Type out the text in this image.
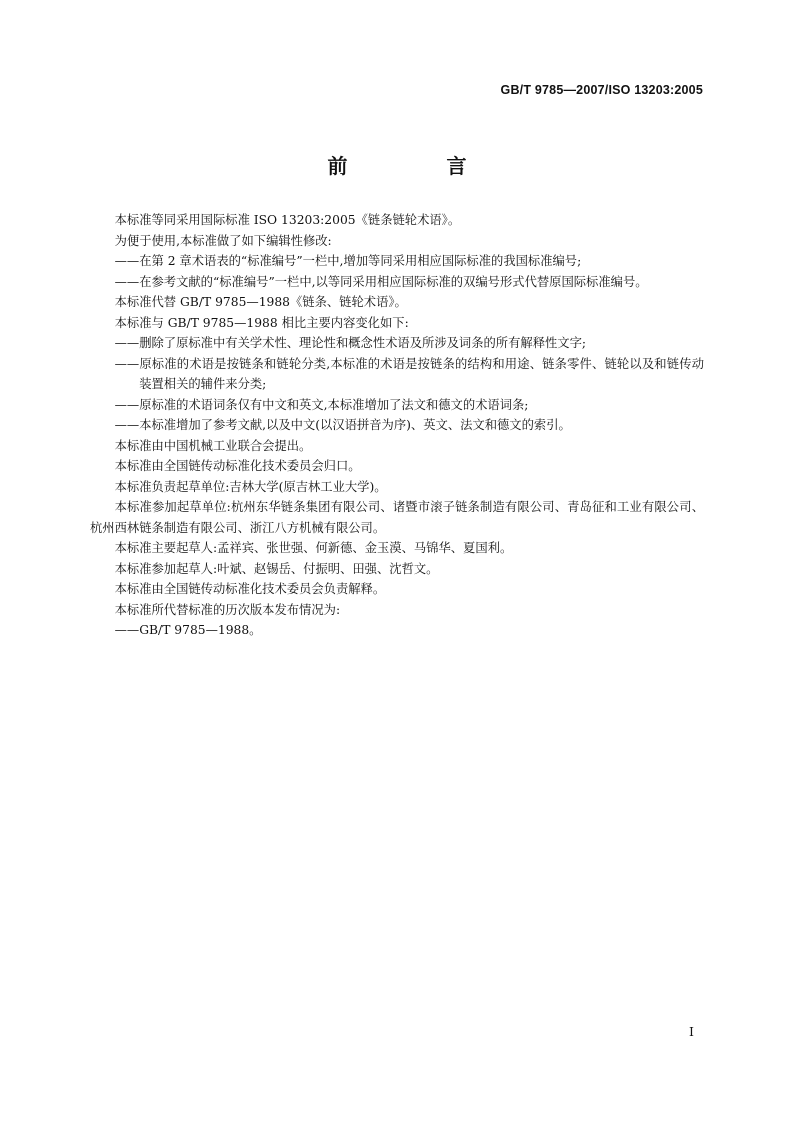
GB/T 9785—2007/ISO 13203:2005
前 言

本标准等同采用国际标准 ISO 13203:2005《链条链轮术语》。

为便于使用,本标准做了如下编辑性修改:

——在第 2 章术语表的“标准编号”一栏中,增加等同采用相应国际标准的我国标准编号;

——在参考文献的“标准编号”一栏中,以等同采用相应国际标准的双编号形式代替原国际标准编号。

本标准代替 GB/T 9785—1988《链条、链轮术语》。

本标准与 GB/T 9785—1988 相比主要内容变化如下:

——删除了原标准中有关学术性、理论性和概念性术语及所涉及词条的所有解释性文字;

——原标准的术语是按链条和链轮分类,本标准的术语是按链条的结构和用途、链条零件、链轮以及和链传动装置相关的辅件来分类;

——原标准的术语词条仅有中文和英文,本标准增加了法文和德文的术语词条;

——本标准增加了参考文献,以及中文(以汉语拼音为序)、英文、法文和德文的索引。

本标准由中国机械工业联合会提出。

本标准由全国链传动标准化技术委员会归口。

本标准负责起草单位:吉林大学(原吉林工业大学)。

本标准参加起草单位:杭州东华链条集团有限公司、诸暨市滚子链条制造有限公司、青岛征和工业有限公司、杭州西林链条制造有限公司、浙江八方机械有限公司。

本标准主要起草人:孟祥宾、张世强、何新德、金玉漠、马锦华、夏国利。

本标准参加起草人:叶斌、赵锡岳、付振明、田强、沈哲文。

本标准由全国链传动标准化技术委员会负责解释。

本标准所代替标准的历次版本发布情况为:

——GB/T 9785—1988。

I
